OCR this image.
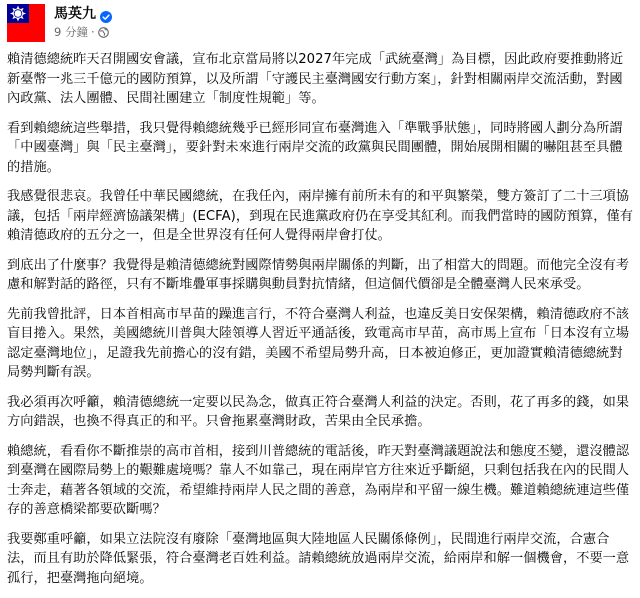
馬英九
9 分鐘 ·

賴清德總統昨天召開國安會議，宣布北京當局將以2027年完成「武統臺灣」為目標，因此政府要推動將近新臺幣一兆三千億元的國防預算，以及所謂「守護民主臺灣國安行動方案」，針對相關兩岸交流活動，對國內政黨、法人團體、民間社團建立「制度性規範」等。

看到賴總統這些舉措，我只覺得賴總統幾乎已經形同宣布臺灣進入「準戰爭狀態」，同時將國人劃分為所謂「中國臺灣」與「民主臺灣」，要針對未來進行兩岸交流的政黨與民間團體，開始展開相關的嚇阻甚至具體的措施。

我感覺很悲哀。我曾任中華民國總統，在我任內，兩岸擁有前所未有的和平與繁榮，雙方簽訂了二十三項協議，包括「兩岸經濟協議架構」(ECFA)，到現在民進黨政府仍在享受其紅利。而我們當時的國防預算，僅有賴清德政府的五分之一，但是全世界沒有任何人覺得兩岸會打仗。

到底出了什麼事？我覺得是賴清德總統對國際情勢與兩岸關係的判斷，出了相當大的問題。而他完全沒有考慮和解對話的路徑，只有不斷堆疊軍事採購與動員對抗情緒，但這個代價卻是全體臺灣人民來承受。

先前我曾批評，日本首相高市早苗的躁進言行，不符合臺灣人利益，也違反美日安保架構，賴清德政府不該盲目捲入。果然，美國總統川普與大陸領導人習近平通話後，致電高市早苗，高市馬上宣布「日本沒有立場認定臺灣地位」，足證我先前擔心的沒有錯，美國不希望局勢升高，日本被迫修正，更加證實賴清德總統對局勢判斷有誤。

我必須再次呼籲，賴清德總統一定要以民為念，做真正符合臺灣人利益的決定。否則，花了再多的錢，如果方向錯誤，也換不得真正的和平。只會拖累臺灣財政，苦果由全民承擔。

賴總統，看看你不斷推崇的高市首相，接到川普總統的電話後，昨天對臺灣議題說法和態度丕變，還沒體認到臺灣在國際局勢上的艱難處境嗎？靠人不如靠己，現在兩岸官方往來近乎斷絕，只剩包括我在內的民間人士奔走，藉著各領域的交流，希望維持兩岸人民之間的善意，為兩岸和平留一線生機。難道賴總統連這些僅存的善意橋梁都要砍斷嗎？

我要鄭重呼籲，如果立法院沒有廢除「臺灣地區與大陸地區人民關係條例」，民間進行兩岸交流，合憲合法，而且有助於降低緊張，符合臺灣老百姓利益。請賴總統放過兩岸交流，給兩岸和解一個機會，不要一意孤行，把臺灣拖向絕境。
